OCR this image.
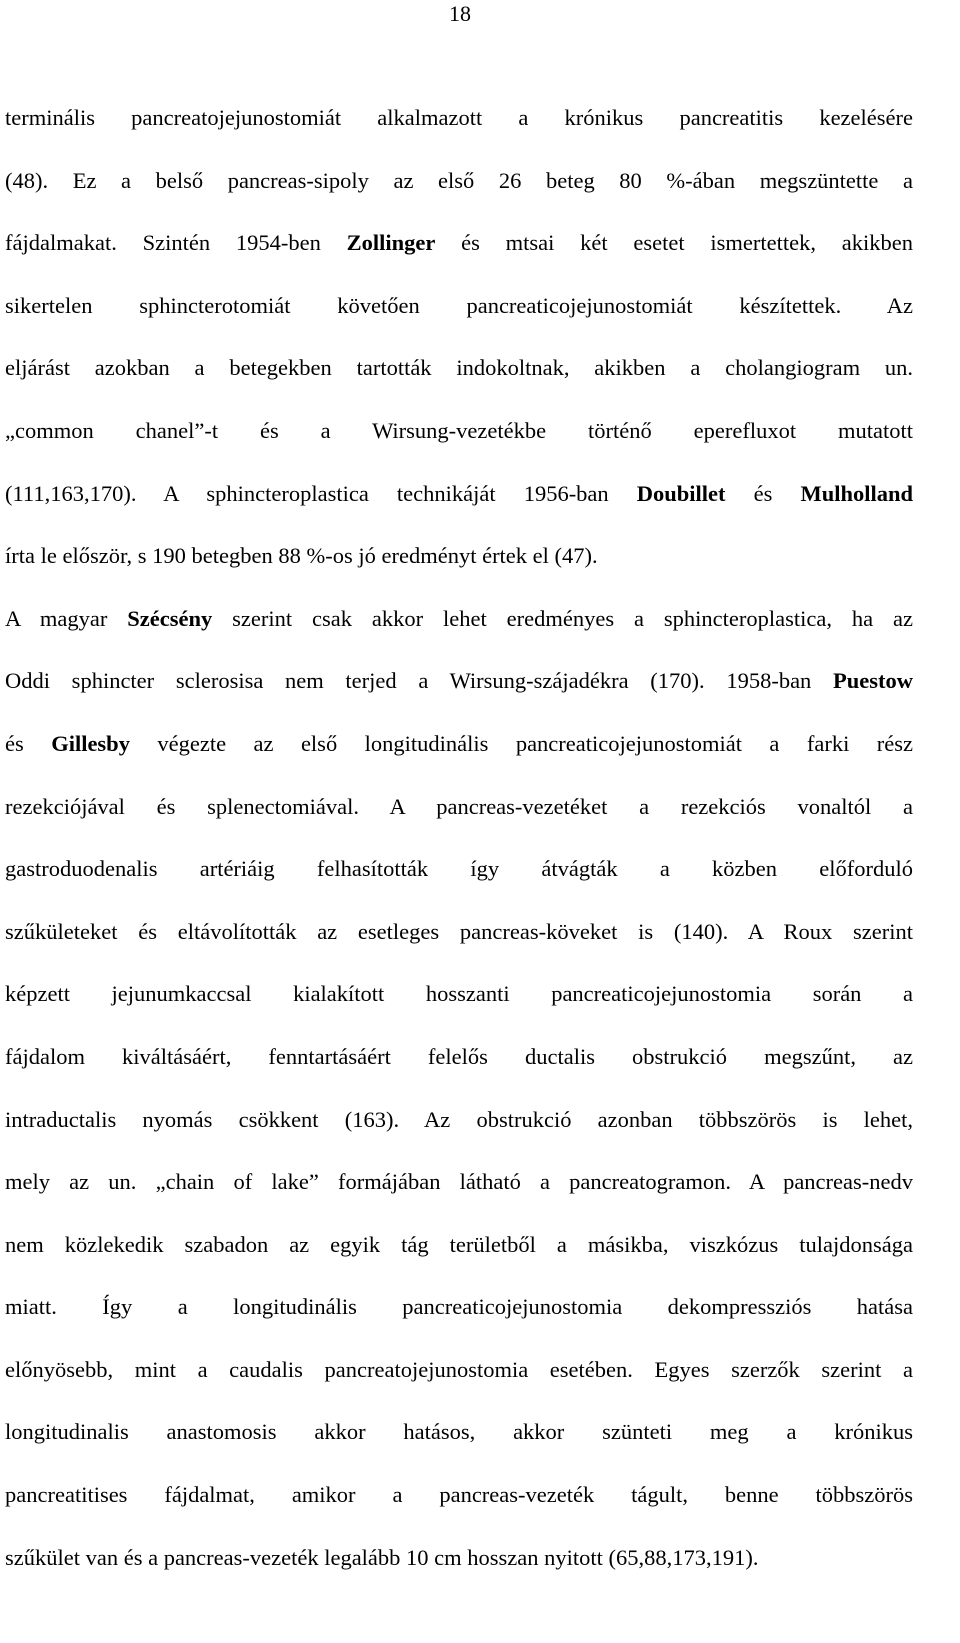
18
terminális pancreatojejunostomiát alkalmazott a krónikus pancreatitis kezelésére
(48). Ez a belső pancreas-sipoly az első 26 beteg 80 %-ában megszüntette a
fájdalmakat. Szintén 1954-ben Zollinger és mtsai két esetet ismertettek, akikben
sikertelen sphincterotomiát követően pancreaticojejunostomiát készítettek. Az
eljárást azokban a betegekben tartották indokoltnak, akikben a cholangiogram un.
„common chanel”-t és a Wirsung-vezetékbe történő eperefluxot mutatott
(111,163,170). A sphincteroplastica technikáját 1956-ban Doubillet és Mulholland
írta le először, s 190 betegben 88 %-os jó eredményt értek el (47).
A magyar Szécsény szerint csak akkor lehet eredményes a sphincteroplastica, ha az
Oddi sphincter sclerosisa nem terjed a Wirsung-szájadékra (170). 1958-ban Puestow
és Gillesby végezte az első longitudinális pancreaticojejunostomiát a farki rész
rezekciójával és splenectomiával. A pancreas-vezetéket a rezekciós vonaltól a
gastroduodenalis artériáig felhasították így átvágták a közben előforduló
szűkületeket és eltávolították az esetleges pancreas-köveket is (140). A Roux szerint
képzett jejunumkaccsal kialakított hosszanti pancreaticojejunostomia során a
fájdalom kiváltásáért, fenntartásáért felelős ductalis obstrukció megszűnt, az
intraductalis nyomás csökkent (163). Az obstrukció azonban többszörös is lehet,
mely az un. „chain of lake” formájában látható a pancreatogramon. A pancreas-nedv
nem közlekedik szabadon az egyik tág területből a másikba, viszkózus tulajdonsága
miatt. Így a longitudinális pancreaticojejunostomia dekompressziós hatása
előnyösebb, mint a caudalis pancreatojejunostomia esetében. Egyes szerzők szerint a
longitudinalis anastomosis akkor hatásos, akkor szünteti meg a krónikus
pancreatitises fájdalmat, amikor a pancreas-vezeték tágult, benne többszörös
szűkület van és a pancreas-vezeték legalább 10 cm hosszan nyitott (65,88,173,191).
